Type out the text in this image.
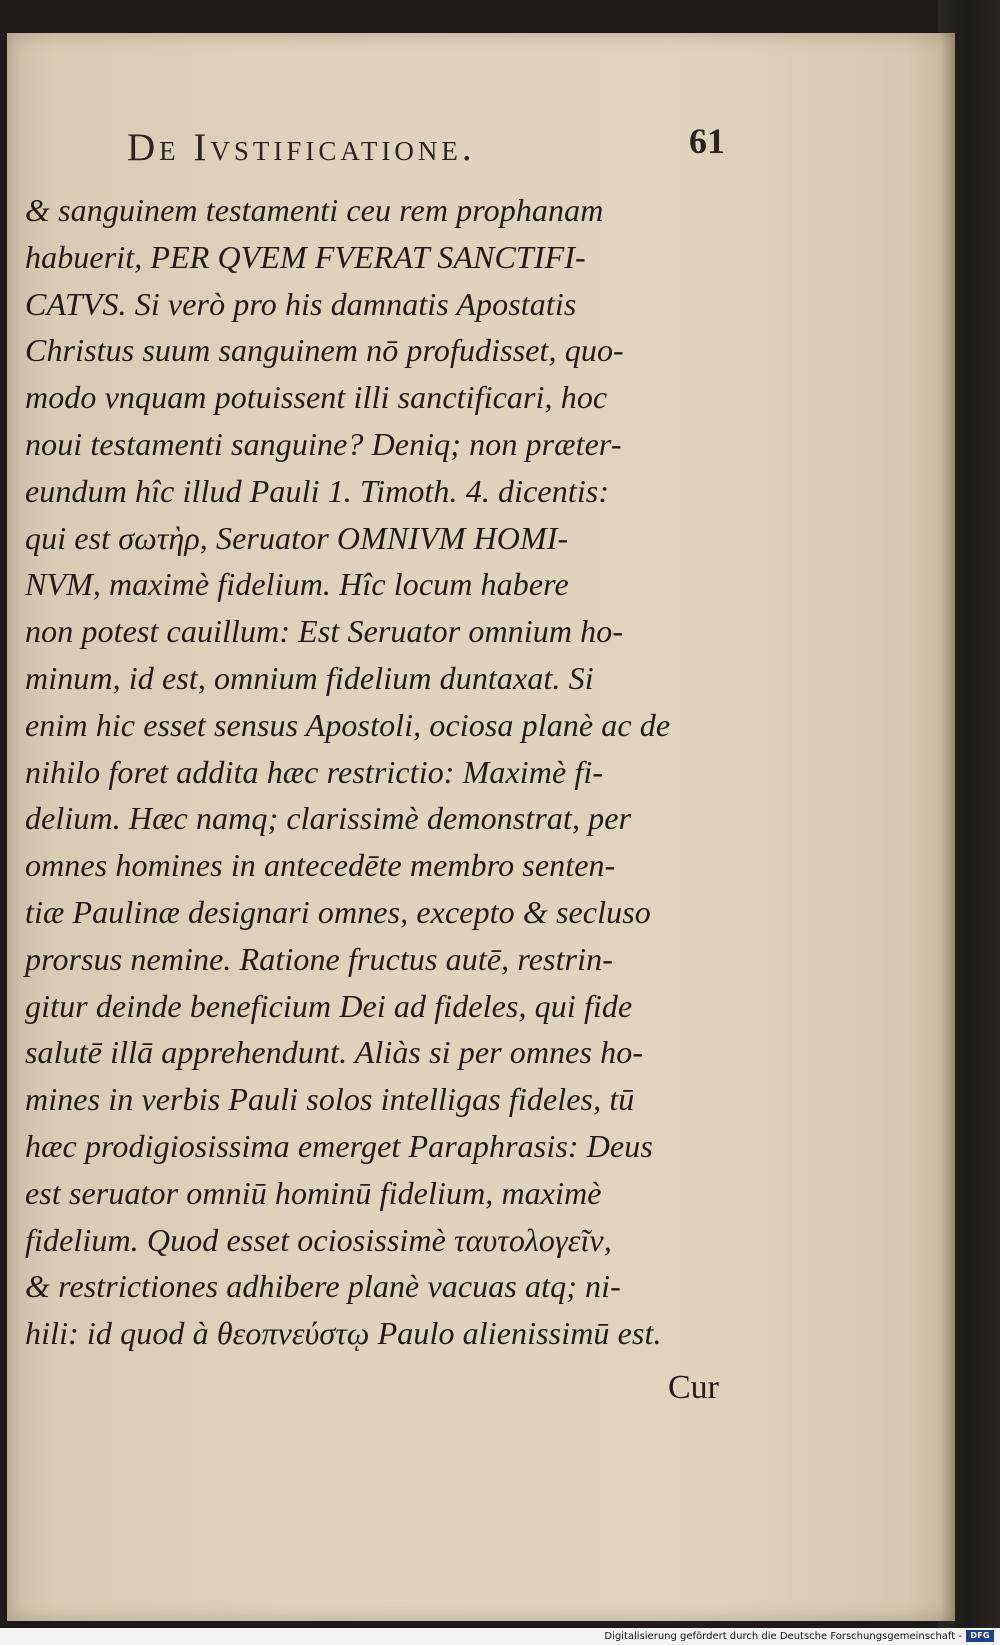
De Ivstificatione.	61
& sanguinem testamenti ceu rem prophanam
habuerit, PER QVEM FVERAT SANCTIFI-
CATVS. Si verò pro his damnatis Apostatis
Christus suum sanguinem nō profudisset, quo-
modo vnquam potuissent illi sanctificari, hoc
noui testamenti sanguine? Deniq; non præter-
eundum hîc illud Pauli 1. Timoth. 4. dicentis:
qui est σωτὴρ, Seruator OMNIVM HOMI-
NVM, maximè fidelium. Hîc locum habere
non potest cauillum: Est Seruator omnium ho-
minum, id est, omnium fidelium duntaxat. Si
enim hic esset sensus Apostoli, ociosa planè ac de
nihilo foret addita hæc restrictio: Maximè fi-
delium. Hæc namq; clarissimè demonstrat, per
omnes homines in antecedēte membro senten-
tiæ Paulinæ designari omnes, excepto & secluso
prorsus nemine. Ratione fructus autē, restrin-
gitur deinde beneficium Dei ad fideles, qui fide
salutē illā apprehendunt. Aliàs si per omnes ho-
mines in verbis Pauli solos intelligas fideles, tū
hæc prodigiosissima emerget Paraphrasis: Deus
est seruator omniū hominū fidelium, maximè
fidelium. Quod esset ociosissimè ταυτολογεῖν,
& restrictiones adhibere planè vacuas atq; ni-
hili: id quod à θεοπνεύστῳ Paulo alienissimū est.
Cur
Digitalisierung gefördert durch die Deutsche Forschungsgemeinschaft -	DFG
